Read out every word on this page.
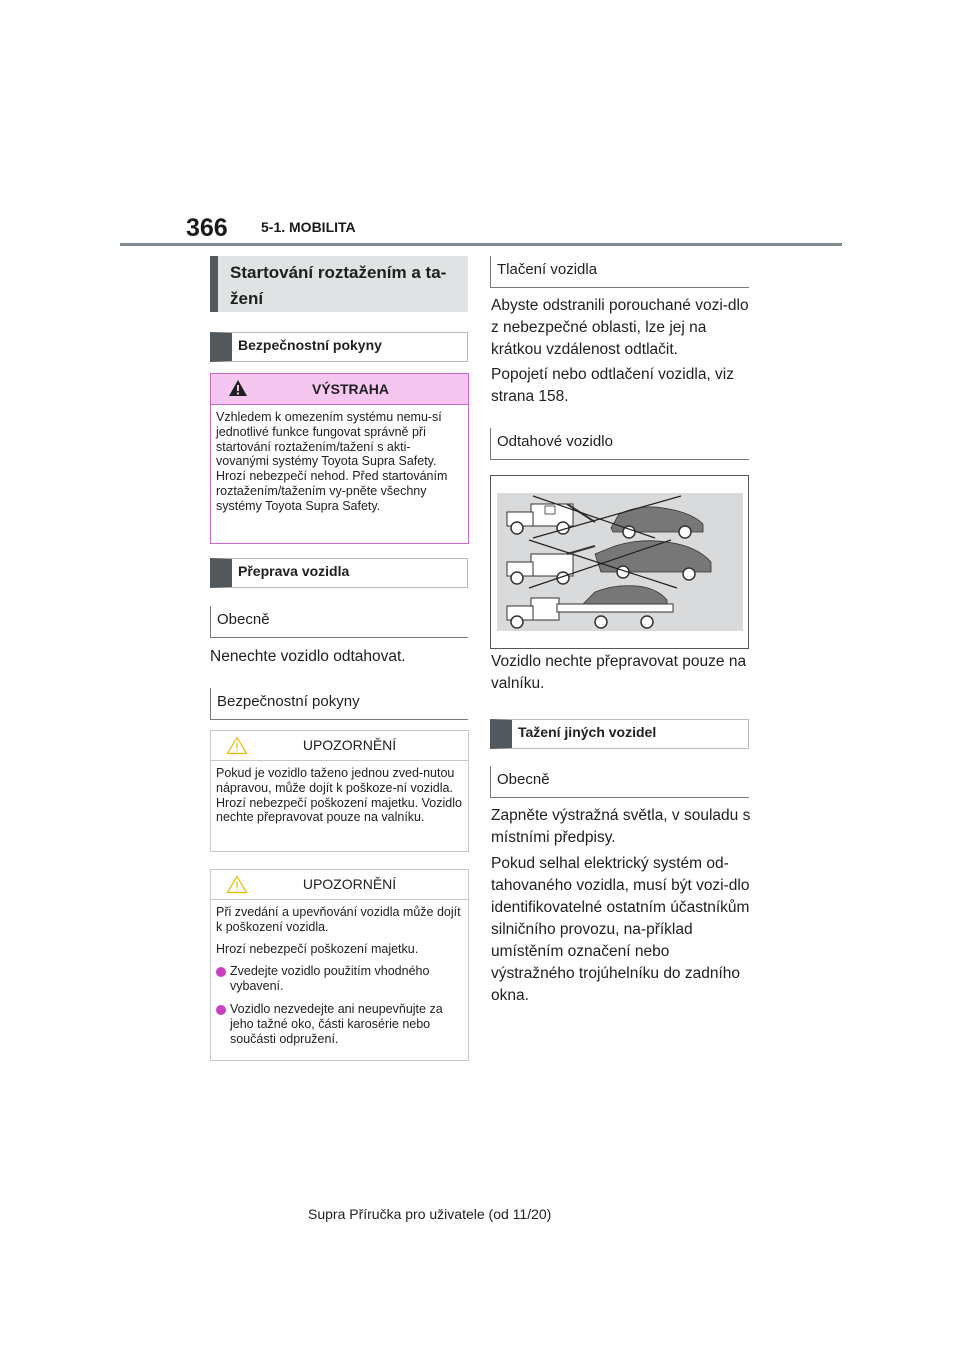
366 5-1. MOBILITA
Startování roztažením a ta-
žení
Bezpečnostní pokyny
VÝSTRAHA
Vzhledem k omezením systému nemu-sí jednotlivé funkce fungovat správně při startování roztažením/tažení s akti-vovanými systémy Toyota Supra Safety. Hrozí nebezpečí nehod. Před startováním roztažením/tažením vy-pněte všechny systémy Toyota Supra Safety.
Přeprava vozidla
Obecně
Nenechte vozidlo odtahovat.
Bezpečnostní pokyny
UPOZORNĚNÍ
Pokud je vozidlo taženo jednou zved-nutou nápravou, může dojít k poškoze-ní vozidla. Hrozí nebezpečí poškození majetku. Vozidlo nechte přepravovat pouze na valníku.
UPOZORNĚNÍ
Při zvedání a upevňování vozidla může dojít k poškození vozidla.
Hrozí nebezpečí poškození majetku.
Zvedejte vozidlo použitím vhodného vybavení.
Vozidlo nezvedejte ani neupevňujte za jeho tažné oko, části karosérie nebo součásti odpružení.
Tlačení vozidla
Abyste odstranili porouchané vozi-dlo z nebezpečné oblasti, lze jej na krátkou vzdálenost odtlačit.
Popojetí nebo odtlačení vozidla, viz strana 158.
Odtahové vozidlo
Vozidlo nechte přepravovat pouze na valníku.
Tažení jiných vozidel
Obecně
Zapněte výstražná světla, v souladu s místními předpisy.
Pokud selhal elektrický systém od-tahovaného vozidla, musí být vozi-dlo identifikovatelné ostatním účastníkům silničního provozu, na-příklad umístěním označení nebo výstražného trojúhelníku do zadního okna.
Supra Příručka pro uživatele (od 11/20)
